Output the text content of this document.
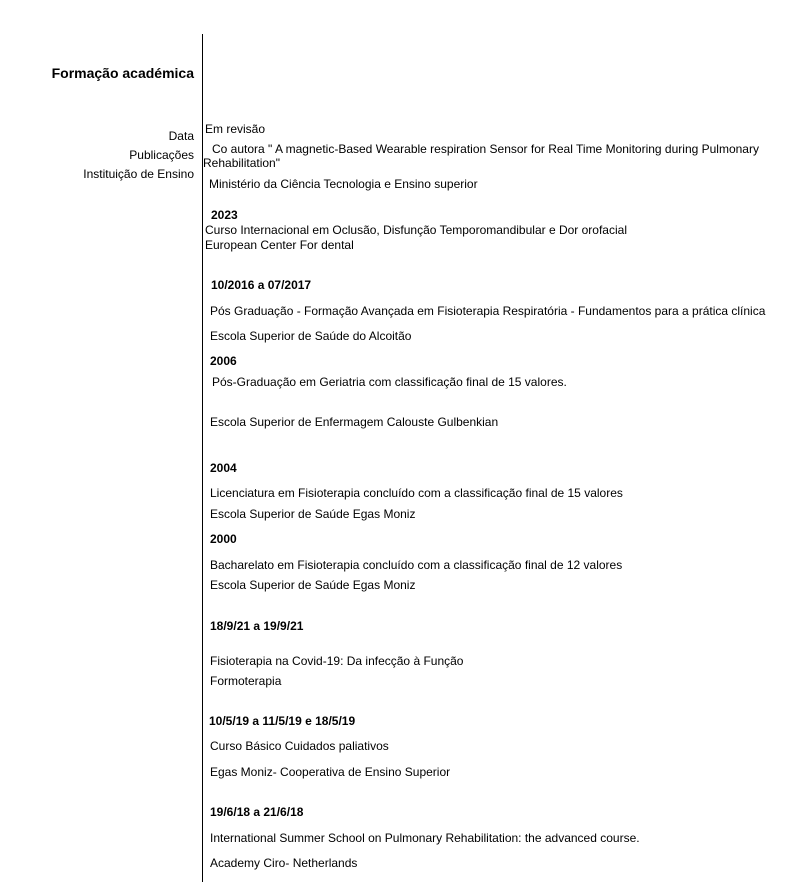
Formação académica
Data
Publicações
Instituição de Ensino
Em revisão
Co autora " A magnetic-Based Wearable respiration Sensor for Real Time Monitoring during Pulmonary
Rehabilitation"
Ministério da Ciência Tecnologia e Ensino superior
2023
Curso Internacional em Oclusão, Disfunção Temporomandibular e Dor orofacial
European Center For dental
10/2016 a 07/2017
Pós Graduação - Formação Avançada em Fisioterapia Respiratória - Fundamentos para a prática clínica
Escola Superior de Saúde do Alcoitão
2006
Pós-Graduação em Geriatria com classificação final de 15 valores.
Escola Superior de Enfermagem Calouste Gulbenkian
2004
Licenciatura em Fisioterapia concluído com a classificação final de 15 valores
Escola Superior de Saúde Egas Moniz
2000
Bacharelato em Fisioterapia concluído com a classificação final de 12 valores
Escola Superior de Saúde Egas Moniz
18/9/21 a 19/9/21
Fisioterapia na Covid-19: Da infecção à Função
Formoterapia
10/5/19 a 11/5/19 e 18/5/19
Curso Básico Cuidados paliativos
Egas Moniz- Cooperativa de Ensino Superior
19/6/18 a 21/6/18
International Summer School on Pulmonary Rehabilitation: the advanced course.
Academy Ciro- Netherlands
